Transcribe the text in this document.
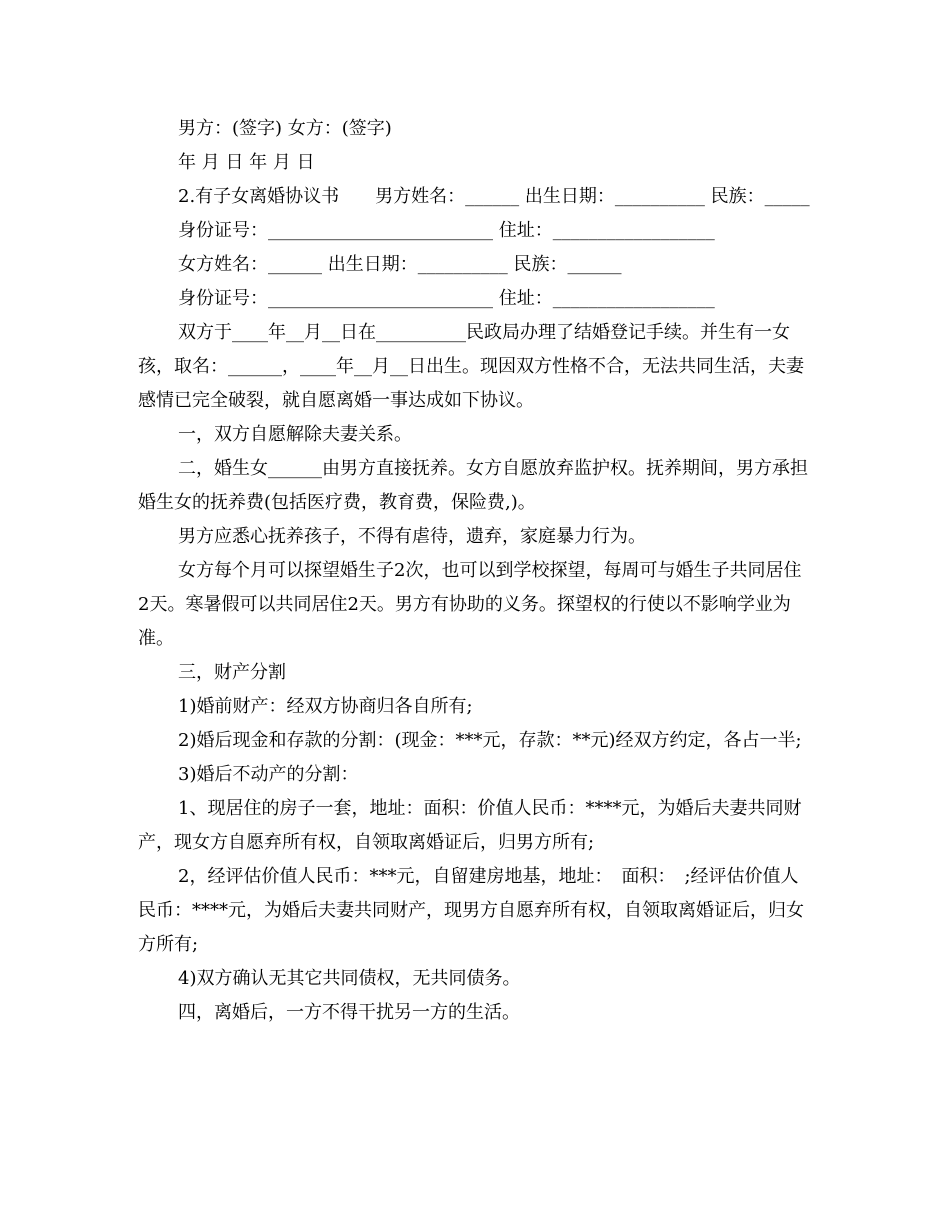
男方：(签字) 女方：(签字)

年 月 日 年 月 日

2.有子女离婚协议书　　男方姓名：______ 出生日期：__________ 民族：_____

身份证号：_________________________ 住址：__________________

女方姓名：______ 出生日期：__________ 民族：______

身份证号：_________________________ 住址：__________________

双方于____年__月__日在__________民政局办理了结婚登记手续。并生有一女孩，取名：______，____年__月__日出生。现因双方性格不合，无法共同生活，夫妻感情已完全破裂，就自愿离婚一事达成如下协议。

一，双方自愿解除夫妻关系。

二，婚生女______由男方直接抚养。女方自愿放弃监护权。抚养期间，男方承担婚生女的抚养费(包括医疗费，教育费，保险费,)。

男方应悉心抚养孩子，不得有虐待，遗弃，家庭暴力行为。

女方每个月可以探望婚生子2次，也可以到学校探望，每周可与婚生子共同居住2天。寒暑假可以共同居住2天。男方有协助的义务。探望权的行使以不影响学业为准。

三，财产分割

1)婚前财产：经双方协商归各自所有;

2)婚后现金和存款的分割：(现金：***元，存款：**元)经双方约定，各占一半;

3)婚后不动产的分割：

1、现居住的房子一套，地址：面积：价值人民币：****元，为婚后夫妻共同财产，现女方自愿弃所有权，自领取离婚证后，归男方所有;

2，经评估价值人民币：***元，自留建房地基，地址：　面积：　;经评估价值人民币：****元，为婚后夫妻共同财产，现男方自愿弃所有权，自领取离婚证后，归女方所有;

4)双方确认无其它共同债权，无共同债务。

四，离婚后，一方不得干扰另一方的生活。
